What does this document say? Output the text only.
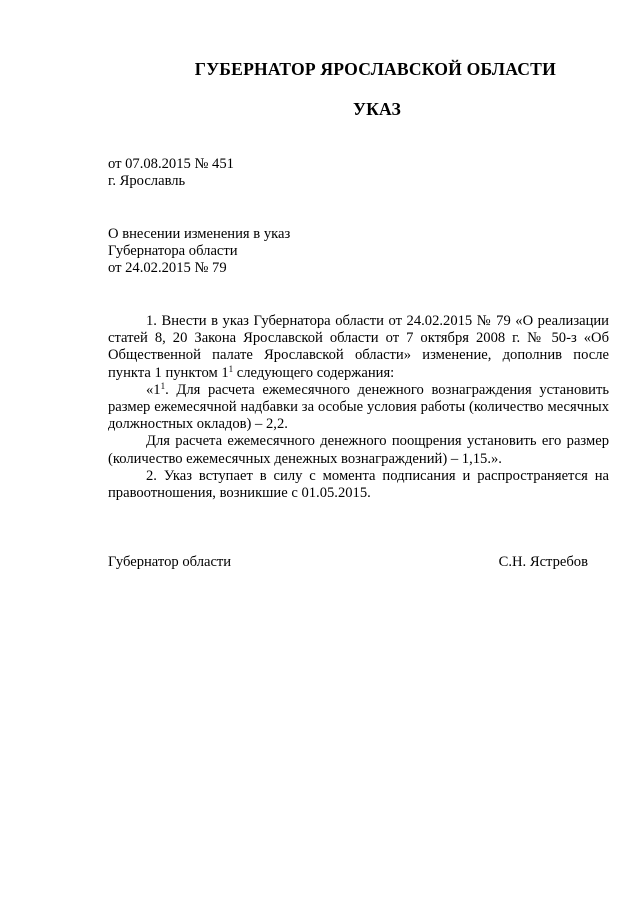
ГУБЕРНАТОР ЯРОСЛАВСКОЙ ОБЛАСТИ
УКАЗ
от 07.08.2015 № 451
г. Ярославль
О внесении изменения в указ
Губернатора области
от 24.02.2015 № 79

1. Внести в указ Губернатора области от 24.02.2015 № 79 «О реализации статей 8, 20 Закона Ярославской области от 7 октября 2008 г. № 50-з «Об Общественной палате Ярославской области» изменение, дополнив после пункта 1 пунктом $1^1$ следующего содержания:

«$1^1$. Для расчета ежемесячного денежного вознаграждения установить размер ежемесячной надбавки за особые условия работы (количество месячных должностных окладов) – 2,2.

Для расчета ежемесячного денежного поощрения установить его размер (количество ежемесячных денежных вознаграждений) – 1,15.».

2. Указ вступает в силу с момента подписания и распространяется на правоотношения, возникшие с 01.05.2015.

Губернатор области	С.Н. Ястребов
